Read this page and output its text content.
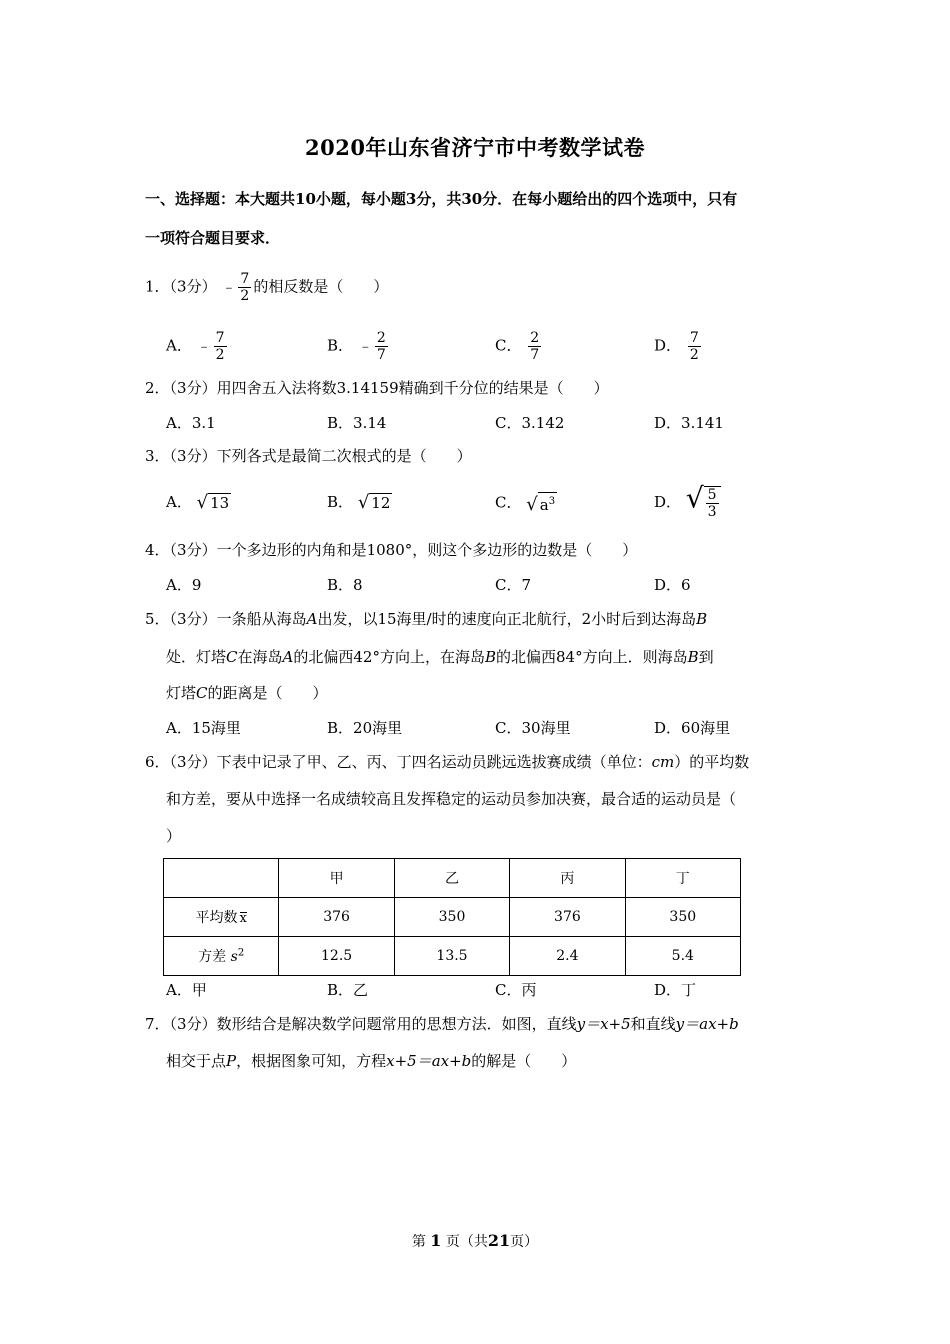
2020年山东省济宁市中考数学试卷
一、选择题：本大题共10小题，每小题3分，共30分．在每小题给出的四个选项中，只有
一项符合题目要求．
1．（3分） ﹣ $\frac{7}{2}$ 的相反数是（　　）
A． ﹣ $\frac{7}{2}$	B． ﹣ $\frac{2}{7}$	C． $\frac{2}{7}$	D． $\frac{7}{2}$
2．（3分）用四舍五入法将数3.14159精确到千分位的结果是（　　）
A．3.1	B．3.14	C．3.142	D．3.141
3．（3分）下列各式是最简二次根式的是（　　）
A． √ 13	B． √ 12	C． √ $a^3$	D． √ $\frac{5}{3}$
4．（3分）一个多边形的内角和是1080°，则这个多边形的边数是（　　）
A．9	B．8	C．7	D．6
5．（3分）一条船从海岛A出发，以15海里/时的速度向正北航行，2小时后到达海岛B
处．灯塔C在海岛A的北偏西42°方向上，在海岛B的北偏西84°方向上．则海岛B到
灯塔C的距离是（　　）
A．15海里	B．20海里	C．30海里	D．60海里
6．（3分）下表中记录了甲、乙、丙、丁四名运动员跳远选拔赛成绩（单位：cm）的平均数
和方差，要从中选择一名成绩较高且发挥稳定的运动员参加决赛，最合适的运动员是（
）
	甲	乙	丙	丁
平均数 x	376	350	376	350
方差 $s^2$	12.5	13.5	2.4	5.4
A．甲	B．乙	C．丙	D．丁
7．（3分）数形结合是解决数学问题常用的思想方法．如图，直线y＝x+5和直线y＝ax+b
相交于点P，根据图象可知，方程x+5＝ax+b的解是（　　）
第 1 页（共21页）
